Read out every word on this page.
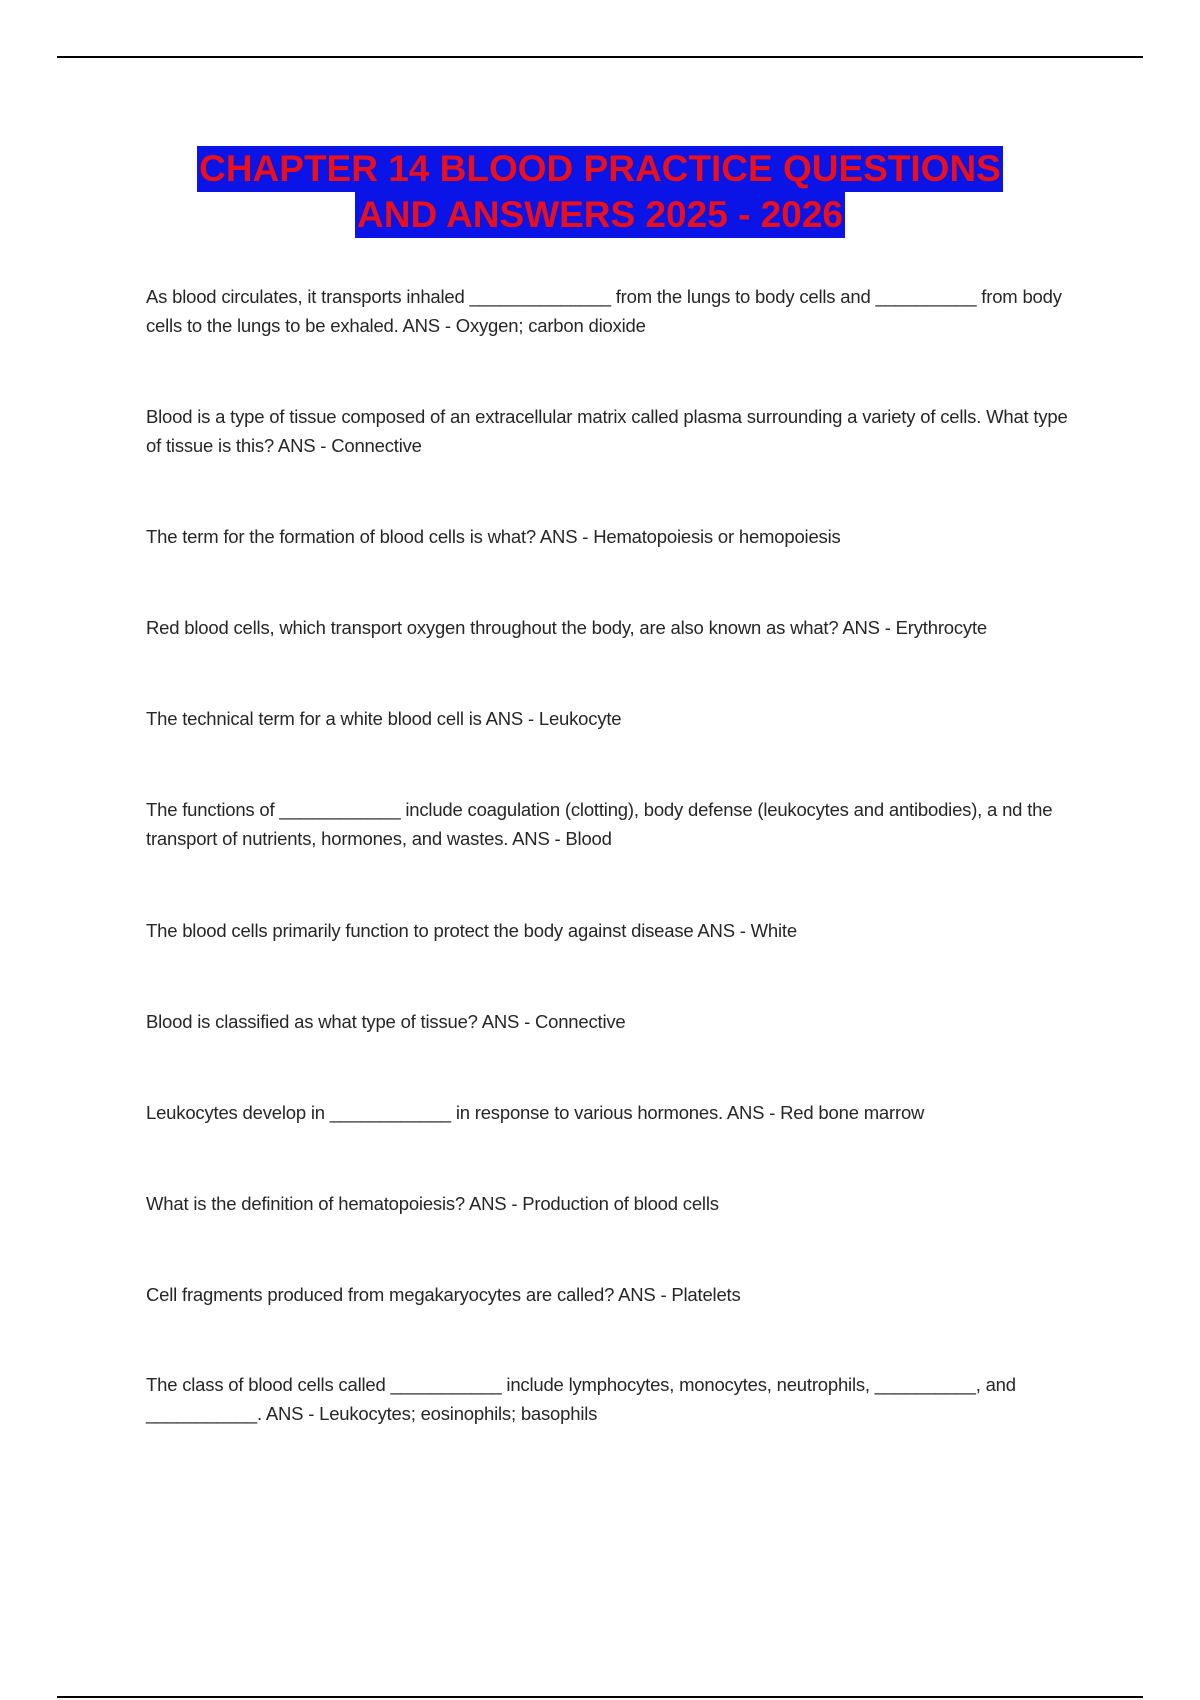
CHAPTER 14 BLOOD PRACTICE QUESTIONS
AND ANSWERS 2025 - 2026
As blood circulates, it transports inhaled ______________ from the lungs to body cells and __________ from body cells to the lungs to be exhaled. ANS - Oxygen; carbon dioxide
Blood is a type of tissue composed of an extracellular matrix called plasma surrounding a variety of cells. What type of tissue is this? ANS - Connective
The term for the formation of blood cells is what? ANS - Hematopoiesis or hemopoiesis
Red blood cells, which transport oxygen throughout the body, are also known as what? ANS - Erythrocyte
The technical term for a white blood cell is ANS - Leukocyte
The functions of ____________ include coagulation (clotting), body defense (leukocytes and antibodies), a nd the transport of nutrients, hormones, and wastes. ANS - Blood
The blood cells primarily function to protect the body against disease ANS - White
Blood is classified as what type of tissue? ANS - Connective
Leukocytes develop in ____________ in response to various hormones. ANS - Red bone marrow
What is the definition of hematopoiesis? ANS - Production of blood cells
Cell fragments produced from megakaryocytes are called? ANS - Platelets
The class of blood cells called ___________ include lymphocytes, monocytes, neutrophils, __________, and ___________. ANS - Leukocytes; eosinophils; basophils
